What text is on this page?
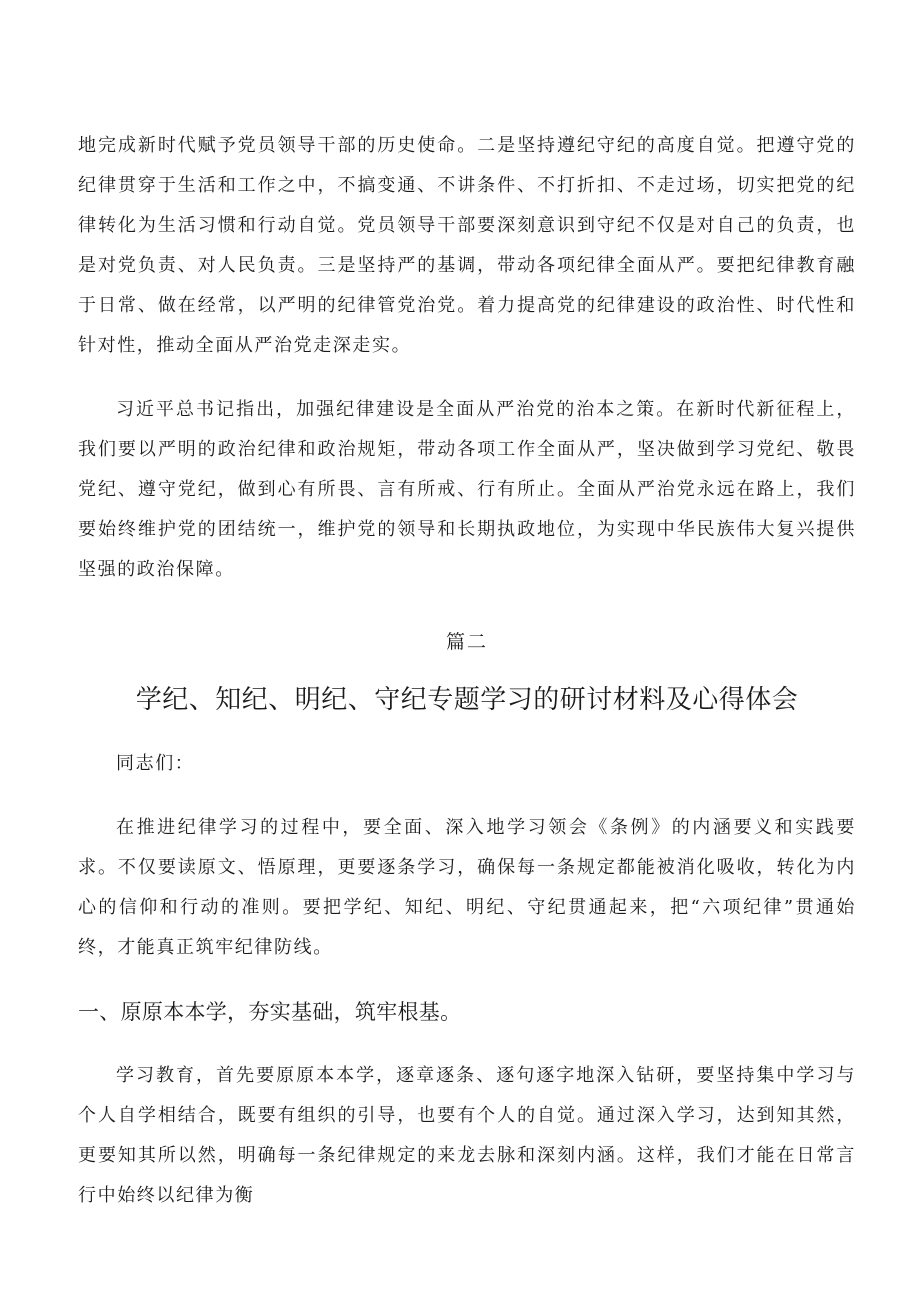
地完成新时代赋予党员领导干部的历史使命。二是坚持遵纪守纪的高度自觉。把遵守党的纪律贯穿于生活和工作之中，不搞变通、不讲条件、不打折扣、不走过场，切实把党的纪律转化为生活习惯和行动自觉。党员领导干部要深刻意识到守纪不仅是对自己的负责，也是对党负责、对人民负责。三是坚持严的基调，带动各项纪律全面从严。要把纪律教育融于日常、做在经常，以严明的纪律管党治党。着力提高党的纪律建设的政治性、时代性和针对性，推动全面从严治党走深走实。

习近平总书记指出，加强纪律建设是全面从严治党的治本之策。在新时代新征程上，我们要以严明的政治纪律和政治规矩，带动各项工作全面从严，坚决做到学习党纪、敬畏党纪、遵守党纪，做到心有所畏、言有所戒、行有所止。全面从严治党永远在路上，我们要始终维护党的团结统一，维护党的领导和长期执政地位，为实现中华民族伟大复兴提供坚强的政治保障。

篇二

学纪、知纪、明纪、守纪专题学习的研讨材料及心得体会

同志们：

在推进纪律学习的过程中，要全面、深入地学习领会《条例》的内涵要义和实践要求。不仅要读原文、悟原理，更要逐条学习，确保每一条规定都能被消化吸收，转化为内心的信仰和行动的准则。要把学纪、知纪、明纪、守纪贯通起来，把“六项纪律”贯通始终，才能真正筑牢纪律防线。

一、原原本本学，夯实基础，筑牢根基。

学习教育，首先要原原本本学，逐章逐条、逐句逐字地深入钻研，要坚持集中学习与个人自学相结合，既要有组织的引导，也要有个人的自觉。通过深入学习，达到知其然，更要知其所以然，明确每一条纪律规定的来龙去脉和深刻内涵。这样，我们才能在日常言行中始终以纪律为衡
